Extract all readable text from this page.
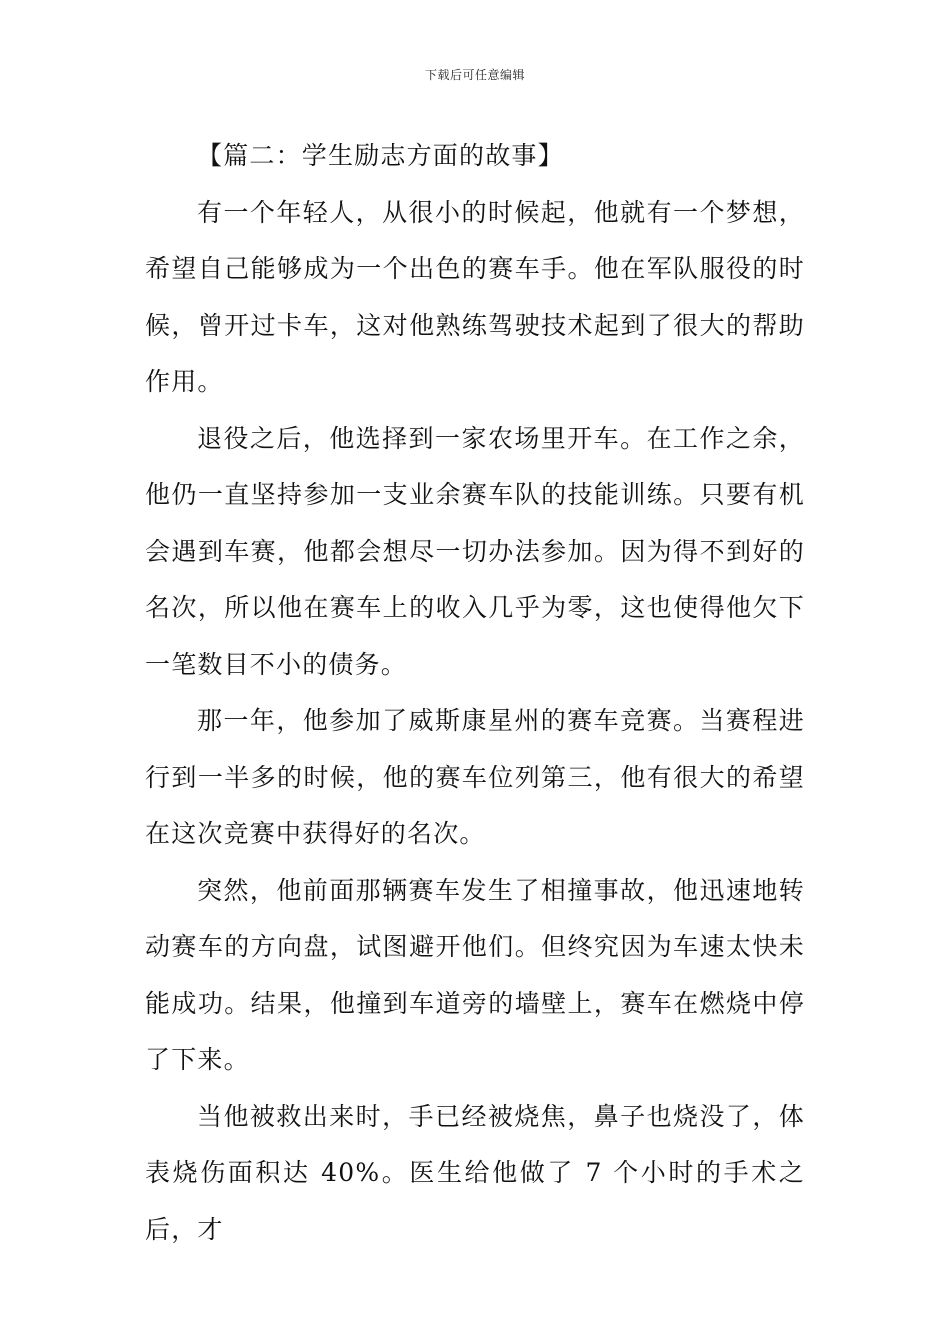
下载后可任意编辑
【篇二：学生励志方面的故事】

有一个年轻人，从很小的时候起，他就有一个梦想，希望自己能够成为一个出色的赛车手。他在军队服役的时候，曾开过卡车，这对他熟练驾驶技术起到了很大的帮助作用。

退役之后，他选择到一家农场里开车。在工作之余，他仍一直坚持参加一支业余赛车队的技能训练。只要有机会遇到车赛，他都会想尽一切办法参加。因为得不到好的名次，所以他在赛车上的收入几乎为零，这也使得他欠下一笔数目不小的债务。

那一年，他参加了威斯康星州的赛车竞赛。当赛程进行到一半多的时候，他的赛车位列第三，他有很大的希望在这次竞赛中获得好的名次。

突然，他前面那辆赛车发生了相撞事故，他迅速地转动赛车的方向盘，试图避开他们。但终究因为车速太快未能成功。结果，他撞到车道旁的墙壁上，赛车在燃烧中停了下来。

当他被救出来时，手已经被烧焦，鼻子也烧没了，体表烧伤面积达 40%。医生给他做了 7 个小时的手术之后，才
